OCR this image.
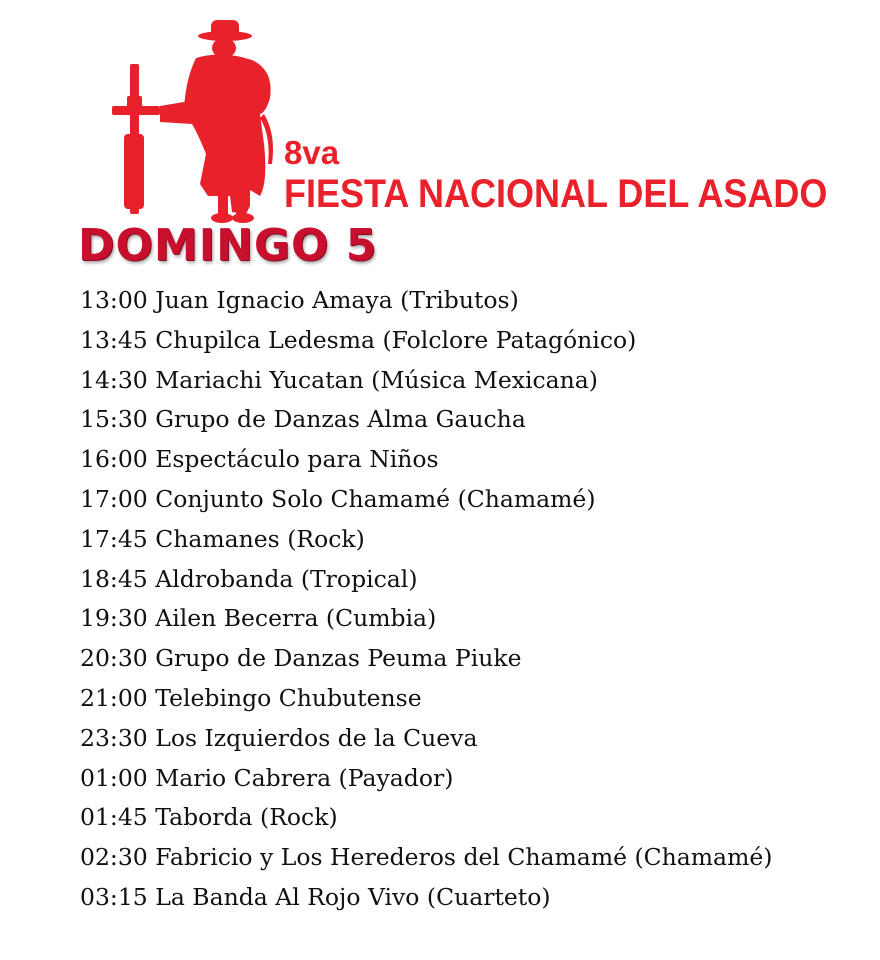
8va
FIESTA NACIONAL DEL ASADO
DOMINGO 5
13:00 Juan Ignacio Amaya (Tributos)
13:45 Chupilca Ledesma (Folclore Patagónico)
14:30 Mariachi Yucatan (Música Mexicana)
15:30 Grupo de Danzas Alma Gaucha
16:00 Espectáculo para Niños
17:00 Conjunto Solo Chamamé (Chamamé)
17:45 Chamanes (Rock)
18:45 Aldrobanda (Tropical)
19:30 Ailen Becerra (Cumbia)
20:30 Grupo de Danzas Peuma Piuke
21:00 Telebingo Chubutense
23:30 Los Izquierdos de la Cueva
01:00 Mario Cabrera (Payador)
01:45 Taborda (Rock)
02:30 Fabricio y Los Herederos del Chamamé (Chamamé)
03:15 La Banda Al Rojo Vivo (Cuarteto)
